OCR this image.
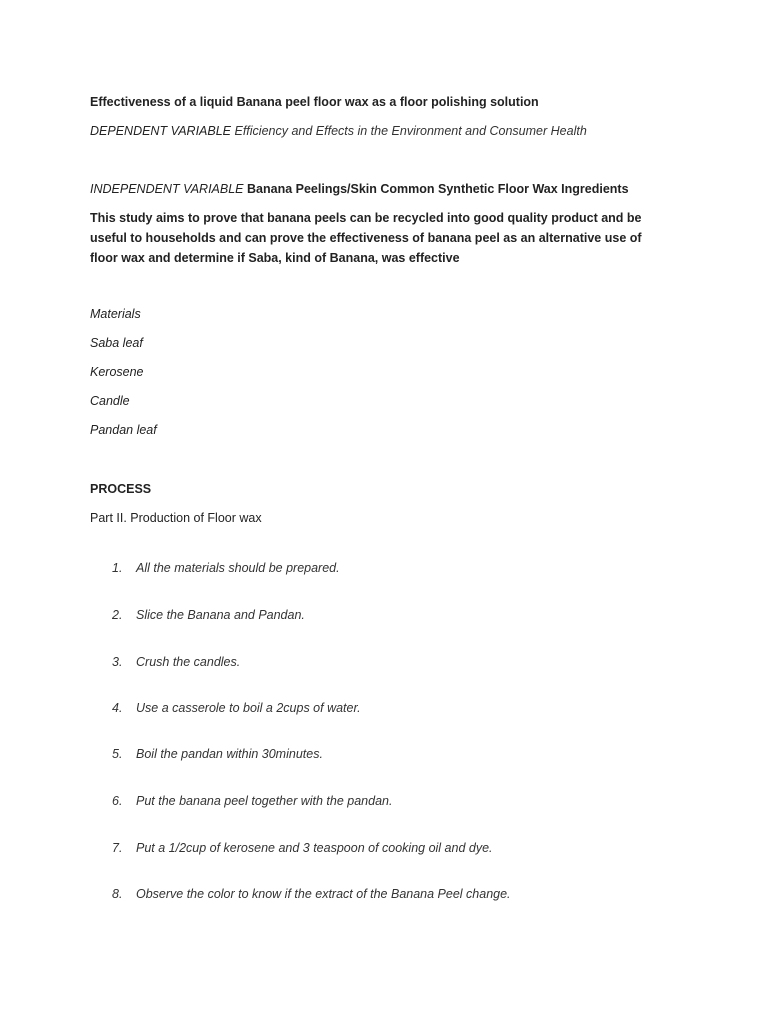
Effectiveness of a liquid Banana peel floor wax as a floor polishing solution
DEPENDENT VARIABLE Efficiency and Effects in the Environment and Consumer Health
INDEPENDENT VARIABLE Banana Peelings/Skin Common Synthetic Floor Wax Ingredients
This study aims to prove that banana peels can be recycled into good quality product and be useful to households and can prove the effectiveness of banana peel as an alternative use of floor wax and determine if Saba, kind of Banana, was effective
Materials
Saba leaf
Kerosene
Candle
Pandan leaf
PROCESS
Part II. Production of Floor wax
1. All the materials should be prepared.
2. Slice the Banana and Pandan.
3. Crush the candles.
4. Use a casserole to boil a 2cups of water.
5. Boil the pandan within 30minutes.
6. Put the banana peel together with the pandan.
7. Put a 1/2cup of kerosene and 3 teaspoon of cooking oil and dye.
8. Observe the color to know if the extract of the Banana Peel change.
